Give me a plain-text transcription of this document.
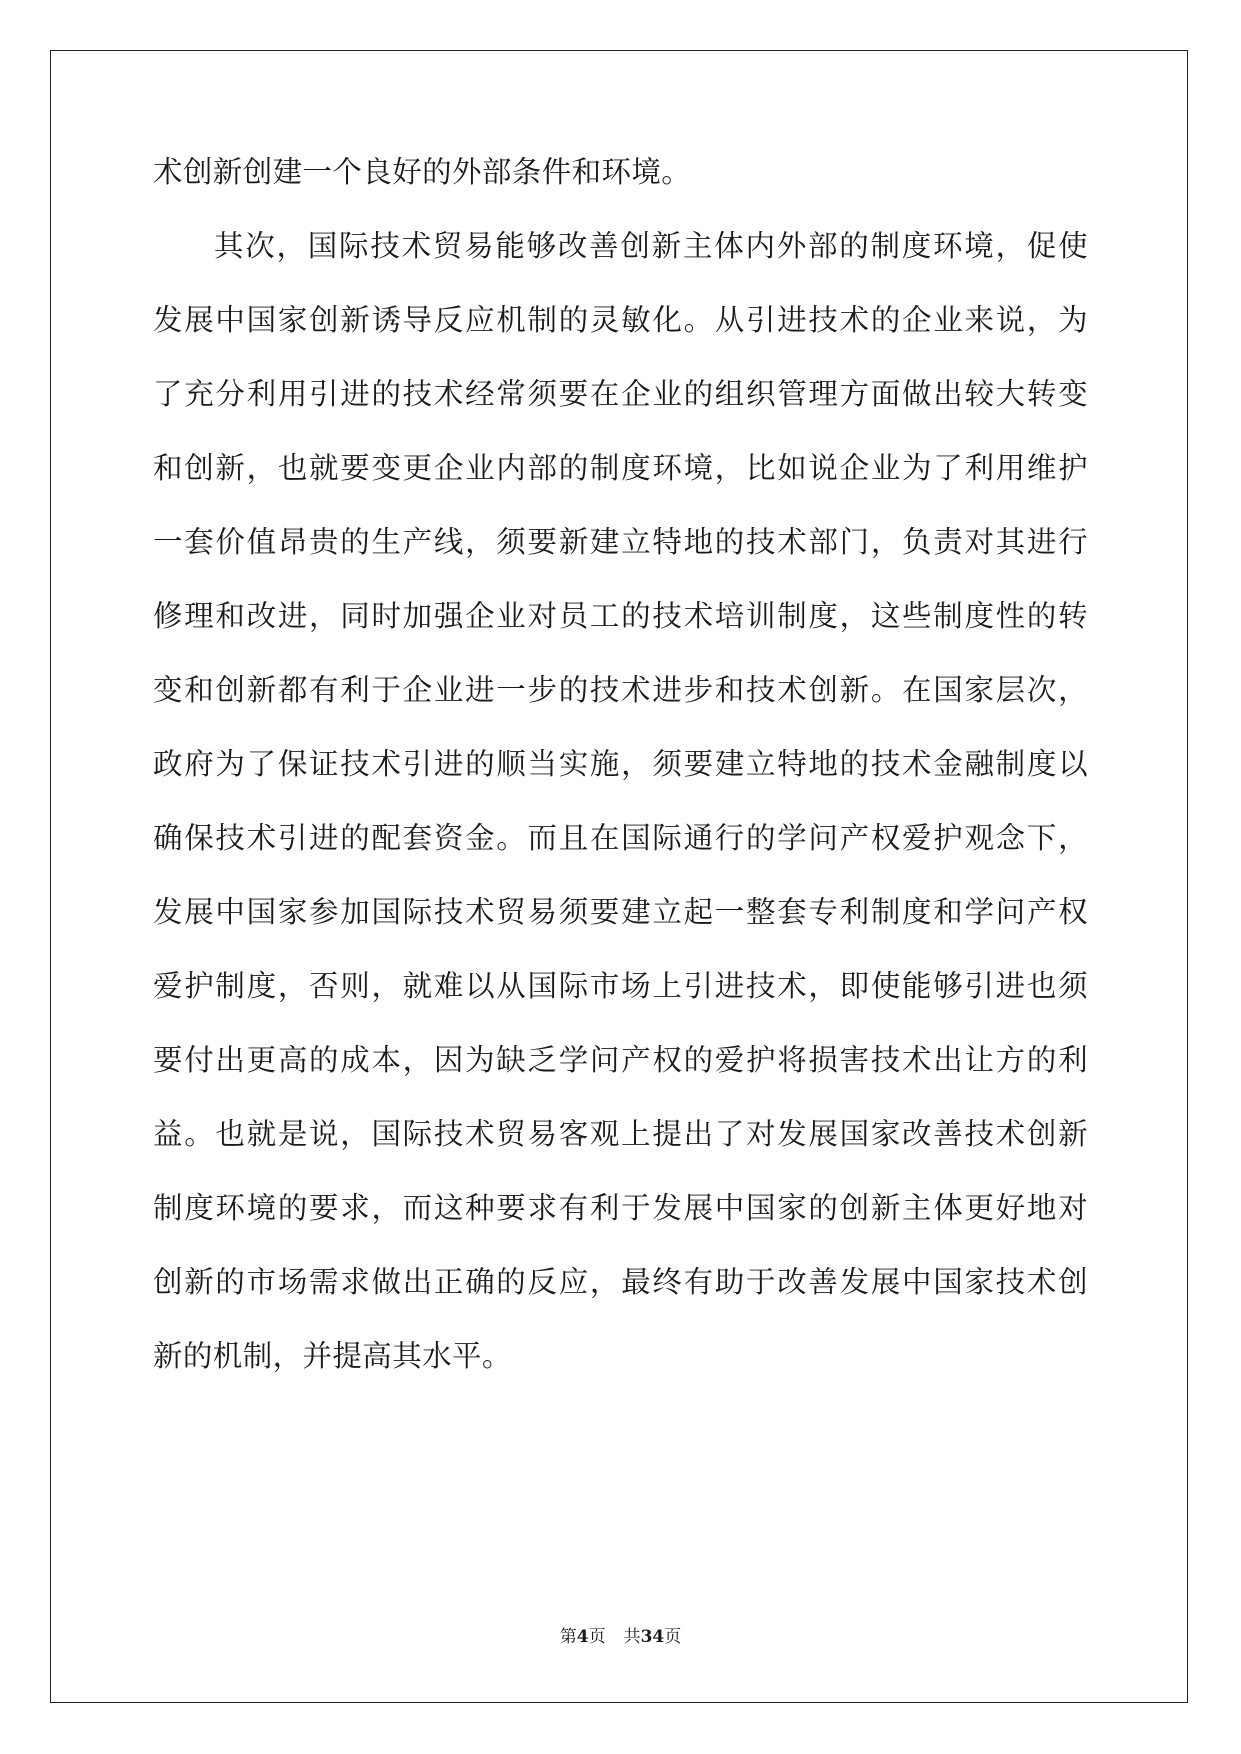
术创新创建一个良好的外部条件和环境。
其次，国际技术贸易能够改善创新主体内外部的制度环境，促使
发展中国家创新诱导反应机制的灵敏化。从引进技术的企业来说，为
了充分利用引进的技术经常须要在企业的组织管理方面做出较大转变
和创新，也就要变更企业内部的制度环境，比如说企业为了利用维护
一套价值昂贵的生产线，须要新建立特地的技术部门，负责对其进行
修理和改进，同时加强企业对员工的技术培训制度，这些制度性的转
变和创新都有利于企业进一步的技术进步和技术创新。在国家层次，
政府为了保证技术引进的顺当实施，须要建立特地的技术金融制度以
确保技术引进的配套资金。而且在国际通行的学问产权爱护观念下，
发展中国家参加国际技术贸易须要建立起一整套专利制度和学问产权
爱护制度，否则，就难以从国际市场上引进技术，即使能够引进也须
要付出更高的成本，因为缺乏学问产权的爱护将损害技术出让方的利
益。也就是说，国际技术贸易客观上提出了对发展国家改善技术创新
制度环境的要求，而这种要求有利于发展中国家的创新主体更好地对
创新的市场需求做出正确的反应，最终有助于改善发展中国家技术创
新的机制，并提高其水平。
第4页 共34页
